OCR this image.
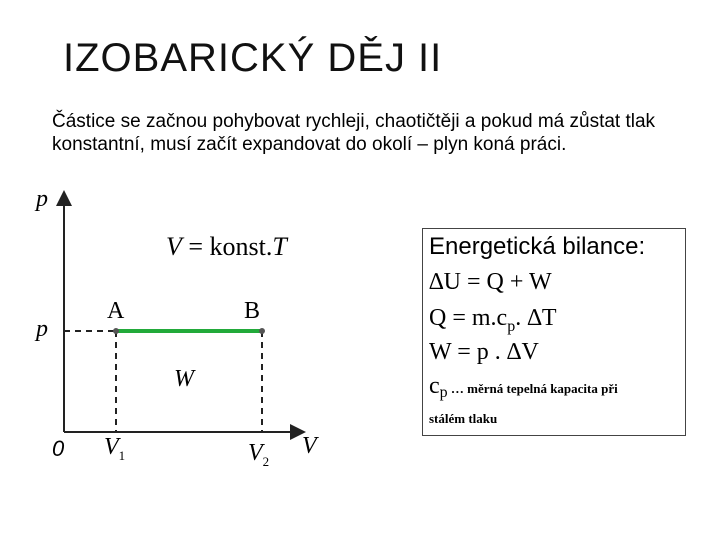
IZOBARICKÝ DĚJ II
Částice se začnou pohybovat rychleji, chaotičtěji a pokud má zůstat tlak konstantní, musí začít expandovat do okolí – plyn koná práci.
p
p
0
A	B
W
V
$V_1$	$V_2$
V = konst.T	Energetická bilance:
∆U = Q + W
$Q = m.c_p$. ∆T
W = p . ∆V
$c_p$ … měrná tepelná kapacita při
stálém tlaku
